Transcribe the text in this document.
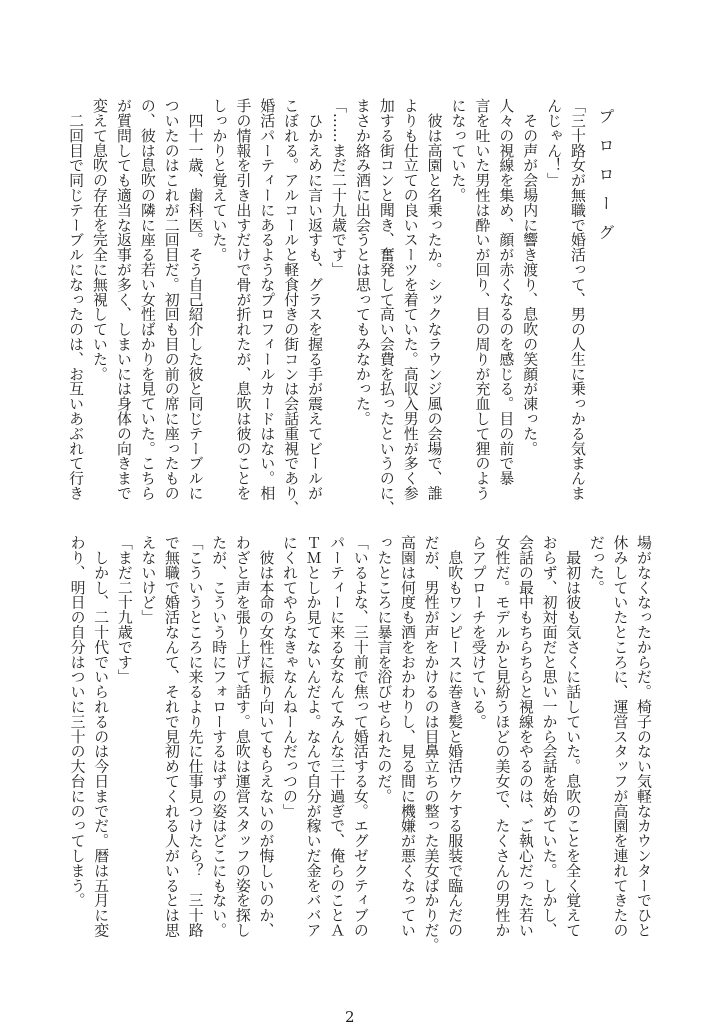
プロローグ
「三十路女が無職で婚活って、男の人生に乗っかる気まんま
んじゃん！」
　その声が会場内に響き渡り、息吹の笑顔が凍った。
人々の視線を集め、顔が赤くなるのを感じる。目の前で暴
言を吐いた男性は酔いが回り、目の周りが充血して狸のよう
になっていた。
　彼は高園と名乗ったか。シックなラウンジ風の会場で、誰
よりも仕立ての良いスーツを着ていた。高収入男性が多く参
加する街コンと聞き、奮発して高い会費を払ったというのに、
まさか絡み酒に出会うとは思ってもみなかった。
「……まだ二十九歳です」
　ひかえめに言い返すも、グラスを握る手が震えてビールが
こぼれる。アルコールと軽食付きの街コンは会話重視であり、
婚活パーティーにあるようなプロフィールカードはない。相
手の情報を引き出すだけで骨が折れたが、息吹は彼のことを
しっかりと覚えていた。
　四十一歳、歯科医。そう自己紹介した彼と同じテーブルに
ついたのはこれが二回目だ。初回も目の前の席に座ったもの
の、彼は息吹の隣に座る若い女性ばかりを見ていた。こちら
が質問しても適当な返事が多く、しまいには身体の向きまで
変えて息吹の存在を完全に無視していた。
　二回目で同じテーブルになったのは、お互いあぶれて行き
場がなくなったからだ。椅子のない気軽なカウンターでひと
休みしていたところに、運営スタッフが高園を連れてきたの
だった。
　最初は彼も気さくに話していた。息吹のことを全く覚えて
おらず、初対面だと思い一から会話を始めていた。しかし、
会話の最中もちらちらと視線をやるのは、ご執心だった若い
女性だ。モデルかと見紛うほどの美女で、たくさんの男性か
らアプローチを受けている。
　息吹もワンピースに巻き髪と婚活ウケする服装で臨んだの
だが、男性が声をかけるのは目鼻立ちの整った美女ばかりだ。
高園は何度も酒をおかわりし、見る間に機嫌が悪くなってい
ったところに暴言を浴びせられたのだ。
「いるよな、三十前で焦って婚活する女。エグゼクティブの
パーティーに来る女なんてみんな三十過ぎで、俺らのことＡ
ＴＭとしか見てないんだよ。なんで自分が稼いだ金をババア
にくれてやらなきゃなんねーんだっつの」
　彼は本命の女性に振り向いてもらえないのが悔しいのか、
わざと声を張り上げて話す。息吹は運営スタッフの姿を探し
たが、こういう時にフォローするはずの姿はどこにもない。
「こういうところに来るより先に仕事見つけたら？　三十路
で無職で婚活なんて、それで見初めてくれる人がいるとは思
えないけど」
「まだ二十九歳です」
　しかし、二十代でいられるのは今日までだ。暦は五月に変
わり、明日の自分はついに三十の大台にのってしまう。
2
